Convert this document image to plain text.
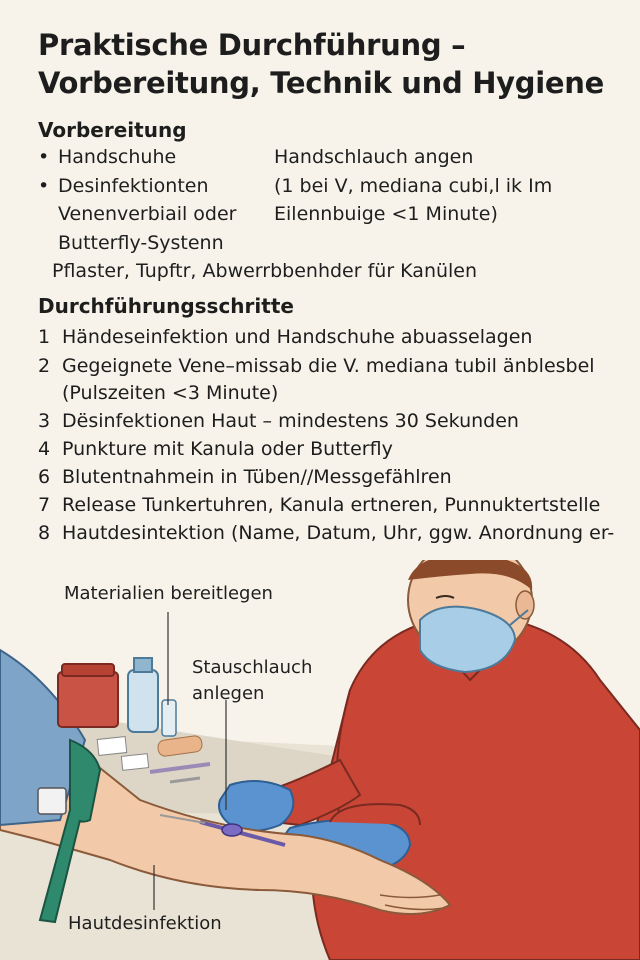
Praktische Durchführung –
Vorbereitung, Technik und Hygiene
Vorbereitung
•
•
Handschuhe
Desinfektionten
Venenverbiail oder
Butterfly-Systenn
Handschlauch angen
(1 bei V, mediana cubi,l ik Im
Eilennbuige <1 Minute)
Pflaster, Tupftr, Abwerrbbenhder für Kanülen
Durchführungsschritte
1 Händeseinfektion und Handschuhe abuasselagen
2 Gegeignete Vene–missab die V. mediana tubil änblesbel
(Pulszeiten <3 Minute)
3 Dësinfektionen Haut – mindestens 30 Sekunden
4 Punkture mit Kanula oder Butterfly
6 Blutentnahmein in Tüben//Messgefählren
7 Release Tunkertuhren, Kanula ertneren, Punnuktertstelle
8 Hautdesintektion (Name, Datum, Uhr, ggw. Anordnung er-
Materialien bereitlegen
Stauschlauch
anlegen
Hautdesinfektion
